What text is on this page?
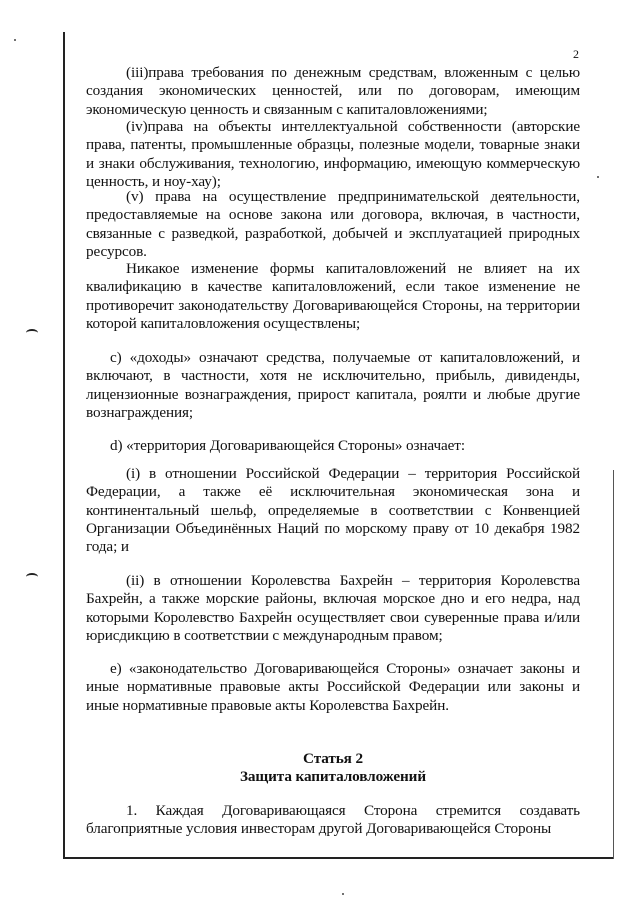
2

(iii)права требования по денежным средствам, вложенным с целью создания экономических ценностей, или по договорам, имеющим экономическую ценность и связанным с капиталовложениями;

(iv)права на объекты интеллектуальной собственности (авторские права, патенты, промышленные образцы, полезные модели, товарные знаки и знаки обслуживания, технологию, информацию, имеющую коммерческую ценность, и ноу-хау);

(v) права на осуществление предпринимательской деятельности, предоставляемые на основе закона или договора, включая, в частности, связанные с разведкой, разработкой, добычей и эксплуатацией природных ресурсов.

Никакое изменение формы капиталовложений не влияет на их квалификацию в качестве капиталовложений, если такое изменение не противоречит законодательству Договаривающейся Стороны, на территории которой капиталовложения осуществлены;

с) «доходы» означают средства, получаемые от капиталовложений, и включают, в частности, хотя не исключительно, прибыль, дивиденды, лицензионные вознаграждения, прирост капитала, роялти и любые другие вознаграждения;

d) «территория Договаривающейся Стороны» означает:

(i) в отношении Российской Федерации – территория Российской Федерации, а также её исключительная экономическая зона и континентальный шельф, определяемые в соответствии с Конвенцией Организации Объединённых Наций по морскому праву от 10 декабря 1982 года; и

(ii) в отношении Королевства Бахрейн – территория Королевства Бахрейн, а также морские районы, включая морское дно и его недра, над которыми Королевство Бахрейн осуществляет свои суверенные права и/или юрисдикцию в соответствии с международным правом;

е) «законодательство Договаривающейся Стороны» означает законы и иные нормативные правовые акты Российской Федерации или законы и иные нормативные правовые акты Королевства Бахрейн.

Статья 2

Защита капиталовложений

1. Каждая Договаривающаяся Сторона стремится создавать благоприятные условия инвесторам другой Договаривающейся Стороны
